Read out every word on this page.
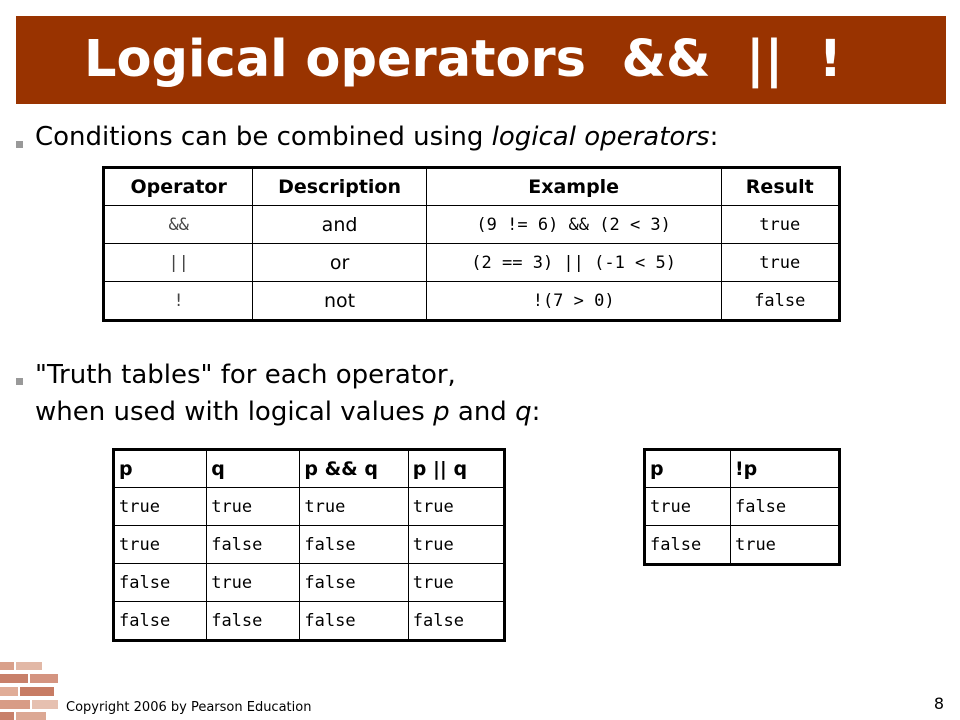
Logical operators  &&  ||  !
Conditions can be combined using logical operators:
Operator	Description	Example	Result
&&	and	(9 != 6) && (2 < 3)	true
||	or	(2 == 3) || (-1 < 5)	true
!	not	!(7 > 0)	false
"Truth tables" for each operator,
when used with logical values p and q:
p	q	p && q	p || q
true	true	true	true
true	false	false	true
false	true	false	true
false	false	false	false
p	!p
true	false
false	true
Copyright 2006 by Pearson Education	8
